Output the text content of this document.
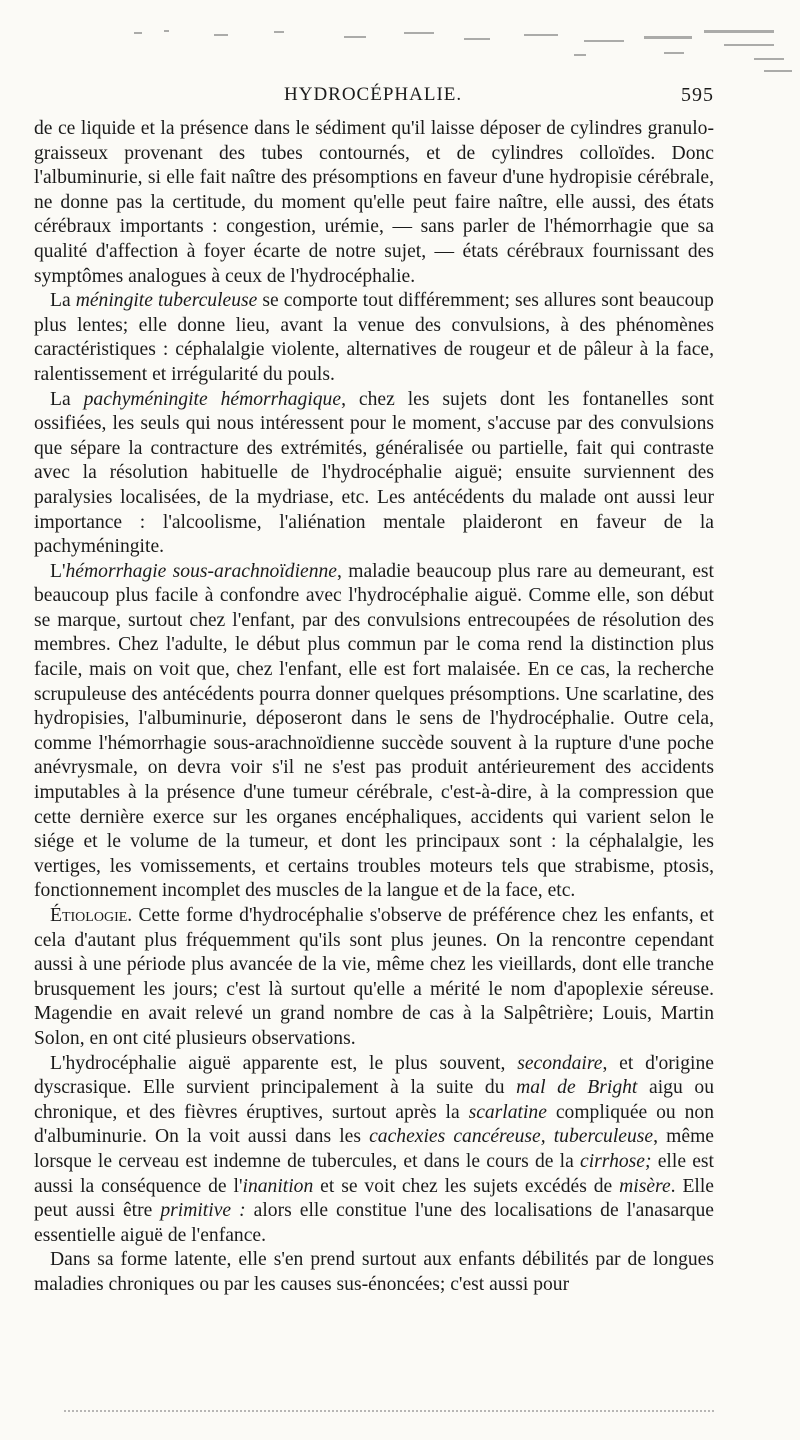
HYDROCÉPHALIE.	595

de ce liquide et la présence dans le sédiment qu'il laisse déposer de cylindres granulo-graisseux provenant des tubes contournés, et de cylindres colloïdes. Donc l'albuminurie, si elle fait naître des présomptions en faveur d'une hydropisie cérébrale, ne donne pas la certitude, du moment qu'elle peut faire naître, elle aussi, des états cérébraux importants : congestion, urémie, — sans parler de l'hémorrhagie que sa qualité d'affection à foyer écarte de notre sujet, — états cérébraux fournissant des symptômes analogues à ceux de l'hydrocéphalie.

La méningite tuberculeuse se comporte tout différemment; ses allures sont beaucoup plus lentes; elle donne lieu, avant la venue des convulsions, à des phénomènes caractéristiques : céphalalgie violente, alternatives de rougeur et de pâleur à la face, ralentissement et irrégularité du pouls.

La pachyméningite hémorrhagique, chez les sujets dont les fontanelles sont ossifiées, les seuls qui nous intéressent pour le moment, s'accuse par des convulsions que sépare la contracture des extrémités, généralisée ou partielle, fait qui contraste avec la résolution habituelle de l'hydrocéphalie aiguë; ensuite surviennent des paralysies localisées, de la mydriase, etc. Les antécédents du malade ont aussi leur importance : l'alcoolisme, l'aliénation mentale plaideront en faveur de la pachyméningite.

L'hémorrhagie sous-arachnoïdienne, maladie beaucoup plus rare au demeurant, est beaucoup plus facile à confondre avec l'hydrocéphalie aiguë. Comme elle, son début se marque, surtout chez l'enfant, par des convulsions entrecoupées de résolution des membres. Chez l'adulte, le début plus commun par le coma rend la distinction plus facile, mais on voit que, chez l'enfant, elle est fort malaisée. En ce cas, la recherche scrupuleuse des antécédents pourra donner quelques présomptions. Une scarlatine, des hydropisies, l'albuminurie, déposeront dans le sens de l'hydrocéphalie. Outre cela, comme l'hémorrhagie sous-arachnoïdienne succède souvent à la rupture d'une poche anévrysmale, on devra voir s'il ne s'est pas produit antérieurement des accidents imputables à la présence d'une tumeur cérébrale, c'est-à-dire, à la compression que cette dernière exerce sur les organes encéphaliques, accidents qui varient selon le siége et le volume de la tumeur, et dont les principaux sont : la céphalalgie, les vertiges, les vomissements, et certains troubles moteurs tels que strabisme, ptosis, fonctionnement incomplet des muscles de la langue et de la face, etc.

Étiologie. Cette forme d'hydrocéphalie s'observe de préférence chez les enfants, et cela d'autant plus fréquemment qu'ils sont plus jeunes. On la rencontre cependant aussi à une période plus avancée de la vie, même chez les vieillards, dont elle tranche brusquement les jours; c'est là surtout qu'elle a mérité le nom d'apoplexie séreuse. Magendie en avait relevé un grand nombre de cas à la Salpêtrière; Louis, Martin Solon, en ont cité plusieurs observations.

L'hydrocéphalie aiguë apparente est, le plus souvent, secondaire, et d'origine dyscrasique. Elle survient principalement à la suite du mal de Bright aigu ou chronique, et des fièvres éruptives, surtout après la scarlatine compliquée ou non d'albuminurie. On la voit aussi dans les cachexies cancéreuse, tuberculeuse, même lorsque le cerveau est indemne de tubercules, et dans le cours de la cirrhose; elle est aussi la conséquence de l'inanition et se voit chez les sujets excédés de misère. Elle peut aussi être primitive : alors elle constitue l'une des localisations de l'anasarque essentielle aiguë de l'enfance.

Dans sa forme latente, elle s'en prend surtout aux enfants débilités par de longues maladies chroniques ou par les causes sus-énoncées; c'est aussi pour
